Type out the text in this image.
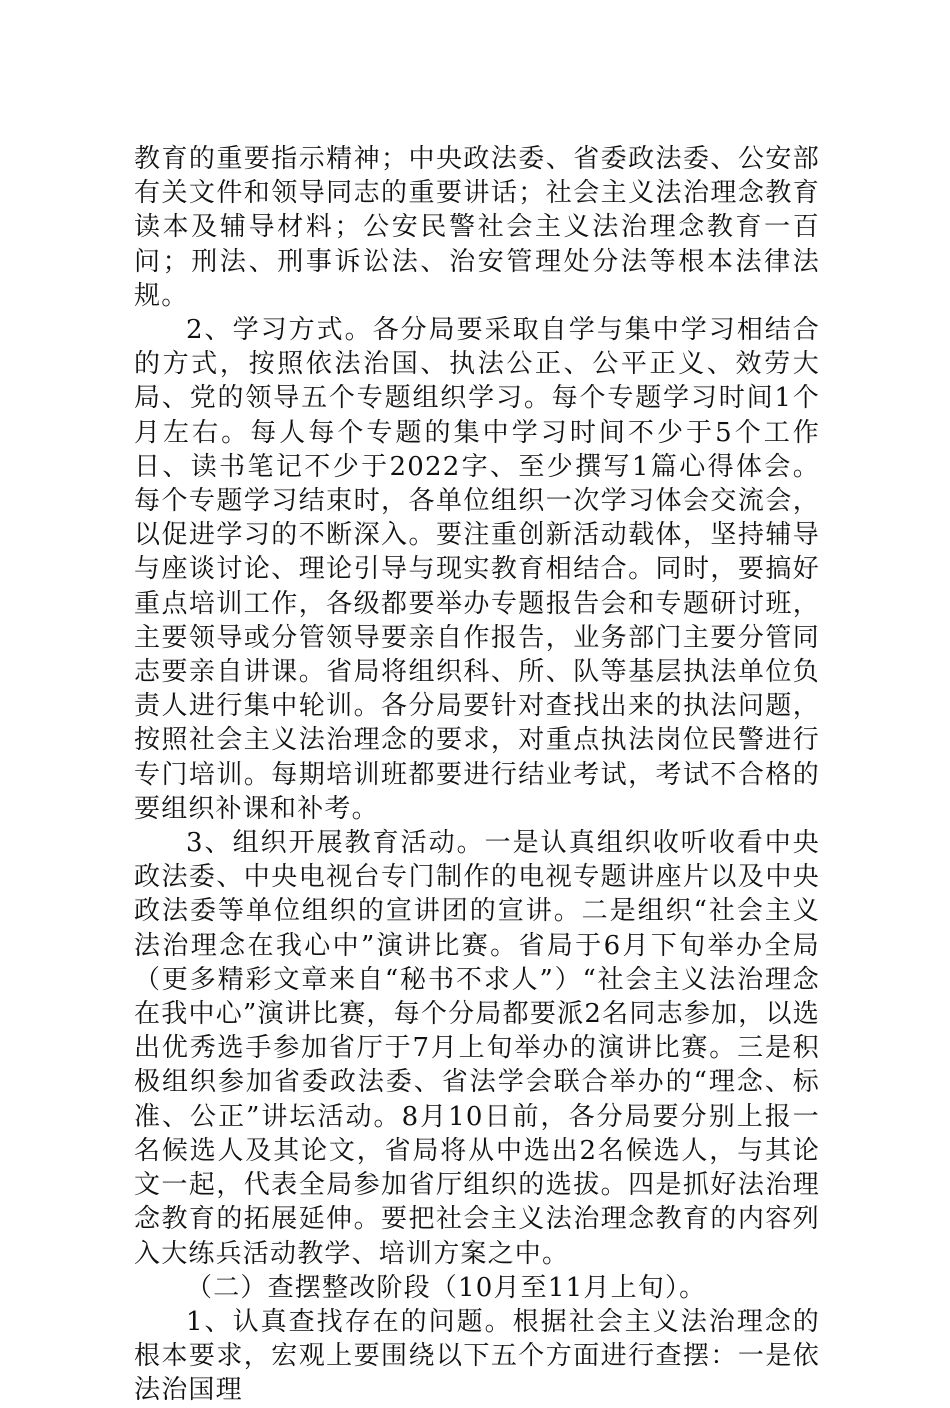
教育的重要指示精神；中央政法委、省委政法委、公安部有关文件和领导同志的重要讲话；社会主义法治理念教育读本及辅导材料；公安民警社会主义法治理念教育一百问；刑法、刑事诉讼法、治安管理处分法等根本法律法规。

2、学习方式。各分局要采取自学与集中学习相结合的方式，按照依法治国、执法公正、公平正义、效劳大局、党的领导五个专题组织学习。每个专题学习时间1个月左右。每人每个专题的集中学习时间不少于5个工作日、读书笔记不少于2022字、至少撰写1篇心得体会。每个专题学习结束时，各单位组织一次学习体会交流会，以促进学习的不断深入。要注重创新活动载体，坚持辅导与座谈讨论、理论引导与现实教育相结合。同时，要搞好重点培训工作，各级都要举办专题报告会和专题研讨班，主要领导或分管领导要亲自作报告，业务部门主要分管同志要亲自讲课。省局将组织科、所、队等基层执法单位负责人进行集中轮训。各分局要针对查找出来的执法问题，按照社会主义法治理念的要求，对重点执法岗位民警进行专门培训。每期培训班都要进行结业考试，考试不合格的要组织补课和补考。

3、组织开展教育活动。一是认真组织收听收看中央政法委、中央电视台专门制作的电视专题讲座片以及中央政法委等单位组织的宣讲团的宣讲。二是组织“社会主义法治理念在我心中”演讲比赛。省局于6月下旬举办全局（更多精彩文章来自“秘书不求人”）“社会主义法治理念在我中心”演讲比赛，每个分局都要派2名同志参加，以选出优秀选手参加省厅于7月上旬举办的演讲比赛。三是积极组织参加省委政法委、省法学会联合举办的“理念、标准、公正”讲坛活动。8月10日前，各分局要分别上报一名候选人及其论文，省局将从中选出2名候选人，与其论文一起，代表全局参加省厅组织的选拔。四是抓好法治理念教育的拓展延伸。要把社会主义法治理念教育的内容列入大练兵活动教学、培训方案之中。

（二）查摆整改阶段（10月至11月上旬）。

1、认真查找存在的问题。根据社会主义法治理念的根本要求，宏观上要围绕以下五个方面进行查摆：一是依法治国理
